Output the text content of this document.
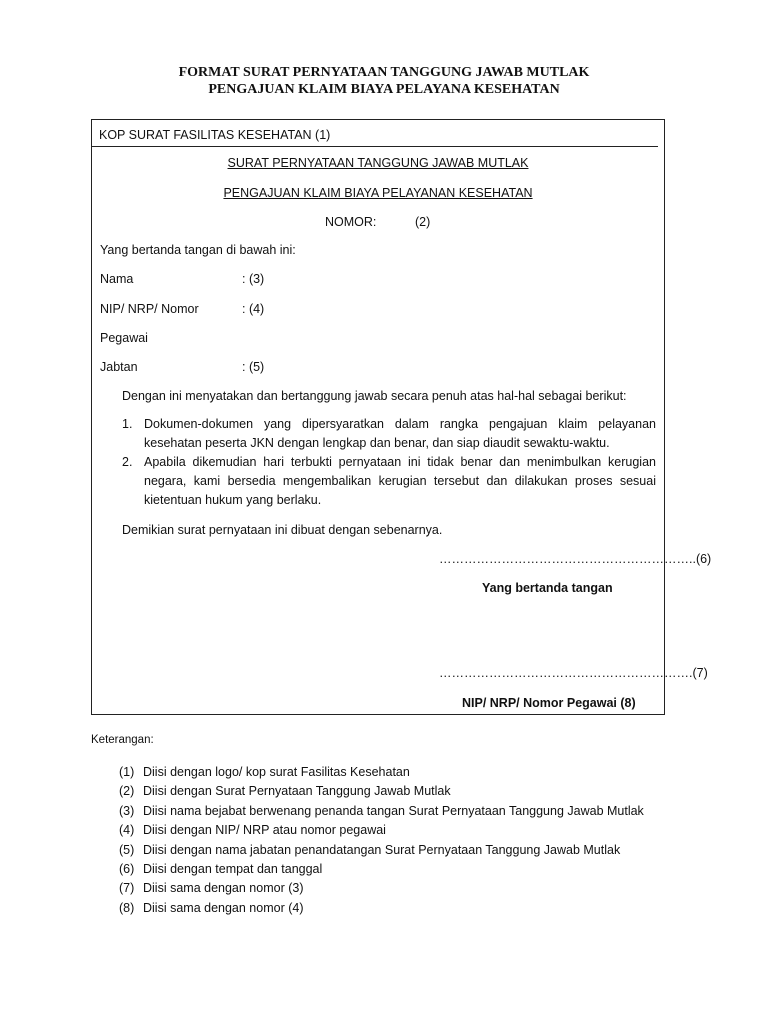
FORMAT SURAT PERNYATAAN TANGGUNG JAWAB MUTLAK
PENGAJUAN KLAIM BIAYA PELAYANA KESEHATAN
KOP SURAT FASILITAS KESEHATAN (1)
SURAT PERNYATAAN TANGGUNG JAWAB MUTLAK
PENGAJUAN KLAIM BIAYA PELAYANAN KESEHATAN
NOMOR:	(2)
Yang bertanda tangan di bawah ini:
Nama	: (3)
NIP/ NRP/ Nomor	: (4)
Pegawai
Jabtan	: (5)
Dengan ini menyatakan dan bertanggung jawab secara penuh atas hal-hal sebagai berikut:
1. Dokumen-dokumen yang dipersyaratkan dalam rangka pengajuan klaim pelayanan kesehatan peserta JKN dengan lengkap dan benar, dan siap diaudit sewaktu-waktu.
2. Apabila dikemudian hari terbukti pernyataan ini tidak benar dan menimbulkan kerugian negara, kami bersedia mengembalikan kerugian tersebut dan dilakukan proses sesuai kietentuan hukum yang berlaku.
Demikian surat pernyataan ini dibuat dengan sebenarnya.
……………………………………………………..(6)
Yang bertanda tangan
…………………………………………………….(7)
NIP/ NRP/ Nomor Pegawai (8)
Keterangan:
(1) Diisi dengan logo/ kop surat Fasilitas Kesehatan
(2) Diisi dengan Surat Pernyataan Tanggung Jawab Mutlak
(3) Diisi nama bejabat berwenang penanda tangan Surat Pernyataan Tanggung Jawab Mutlak
(4) Diisi dengan NIP/ NRP atau nomor pegawai
(5) Diisi dengan nama jabatan penandatangan Surat Pernyataan Tanggung Jawab Mutlak
(6) Diisi dengan tempat dan tanggal
(7) Diisi sama dengan nomor (3)
(8) Diisi sama dengan nomor (4)
